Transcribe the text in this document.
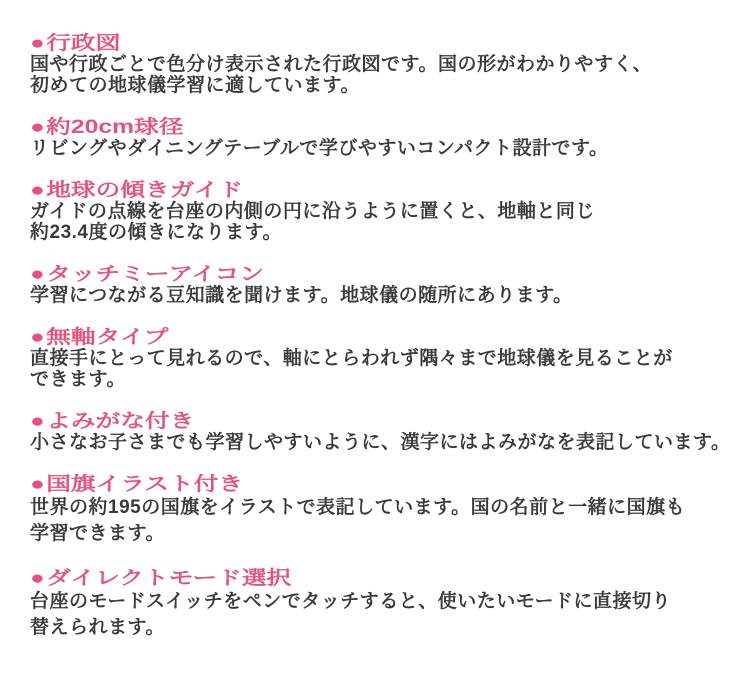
●行政図

国や行政ごとで色分け表示された行政図です。国の形がわかりやすく、

初めての地球儀学習に適しています。

●約20cm球径

リビングやダイニングテーブルで学びやすいコンパクト設計です。

●地球の傾きガイド

ガイドの点線を台座の内側の円に沿うように置くと、地軸と同じ

約23.4度の傾きになります。

●タッチミーアイコン

学習につながる豆知識を聞けます。地球儀の随所にあります。

●無軸タイプ

直接手にとって見れるので、軸にとらわれず隅々まで地球儀を見ることが

できます。

●よみがな付き

小さなお子さまでも学習しやすいように、漢字にはよみがなを表記しています。

●国旗イラスト付き

世界の約195の国旗をイラストで表記しています。国の名前と一緒に国旗も

学習できます。

●ダイレクトモード選択

台座のモードスイッチをペンでタッチすると、使いたいモードに直接切り

替えられます。
